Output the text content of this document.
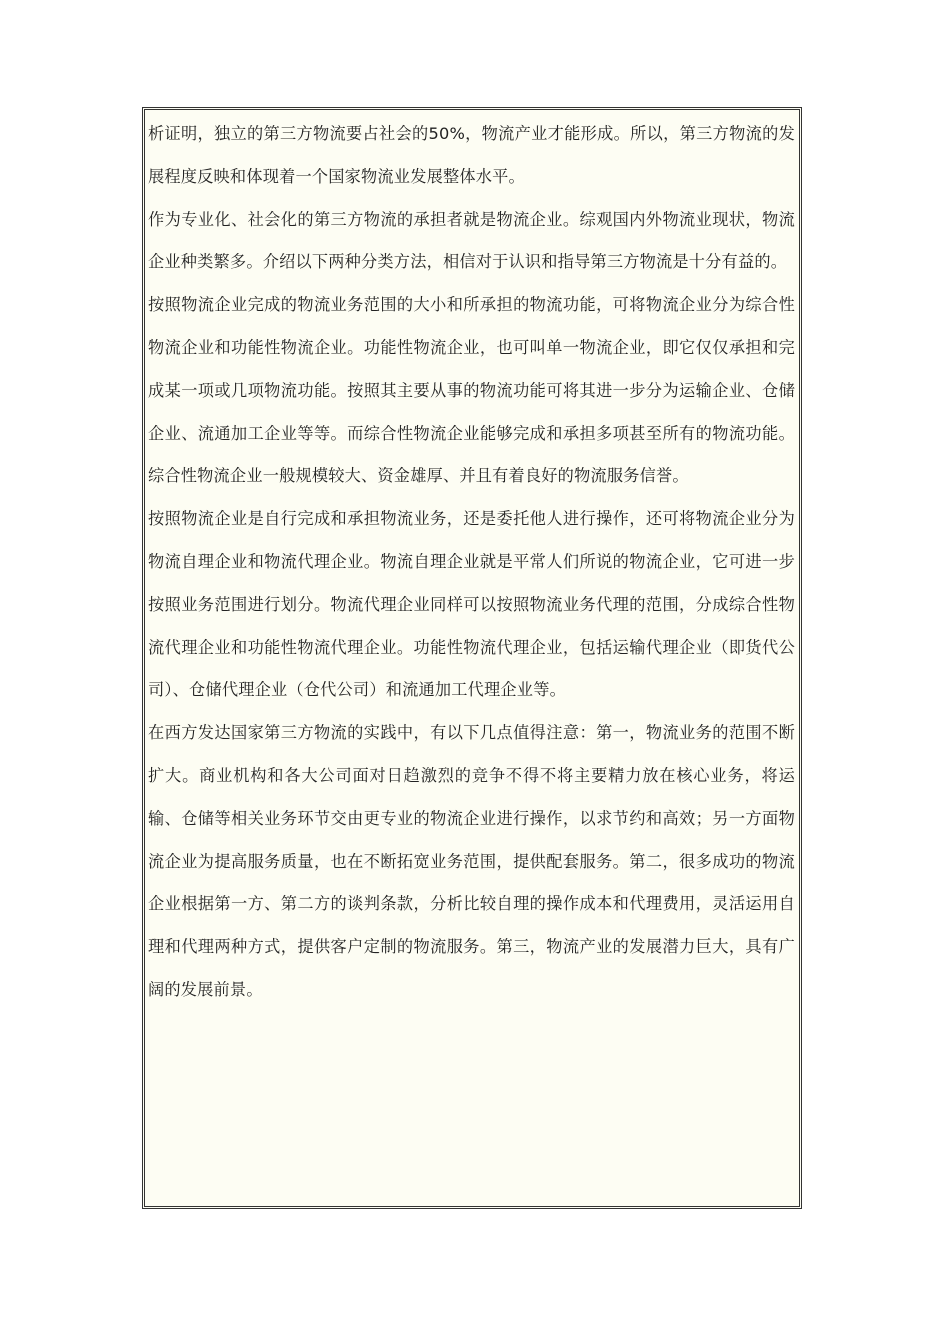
析证明，独立的第三方物流要占社会的50%，物流产业才能形成。所以，第三方物流的发展程度反映和体现着一个国家物流业发展整体水平。

作为专业化、社会化的第三方物流的承担者就是物流企业。综观国内外物流业现状，物流企业种类繁多。介绍以下两种分类方法，相信对于认识和指导第三方物流是十分有益的。

按照物流企业完成的物流业务范围的大小和所承担的物流功能，可将物流企业分为综合性物流企业和功能性物流企业。功能性物流企业，也可叫单一物流企业，即它仅仅承担和完成某一项或几项物流功能。按照其主要从事的物流功能可将其进一步分为运输企业、仓储企业、流通加工企业等等。而综合性物流企业能够完成和承担多项甚至所有的物流功能。综合性物流企业一般规模较大、资金雄厚、并且有着良好的物流服务信誉。

按照物流企业是自行完成和承担物流业务，还是委托他人进行操作，还可将物流企业分为物流自理企业和物流代理企业。物流自理企业就是平常人们所说的物流企业，它可进一步按照业务范围进行划分。物流代理企业同样可以按照物流业务代理的范围，分成综合性物流代理企业和功能性物流代理企业。功能性物流代理企业，包括运输代理企业（即货代公司）、仓储代理企业（仓代公司）和流通加工代理企业等。

在西方发达国家第三方物流的实践中，有以下几点值得注意：第一，物流业务的范围不断扩大。商业机构和各大公司面对日趋激烈的竞争不得不将主要精力放在核心业务，将运输、仓储等相关业务环节交由更专业的物流企业进行操作，以求节约和高效；另一方面物流企业为提高服务质量，也在不断拓宽业务范围，提供配套服务。第二，很多成功的物流企业根据第一方、第二方的谈判条款，分析比较自理的操作成本和代理费用，灵活运用自理和代理两种方式，提供客户定制的物流服务。第三，物流产业的发展潜力巨大，具有广阔的发展前景。
